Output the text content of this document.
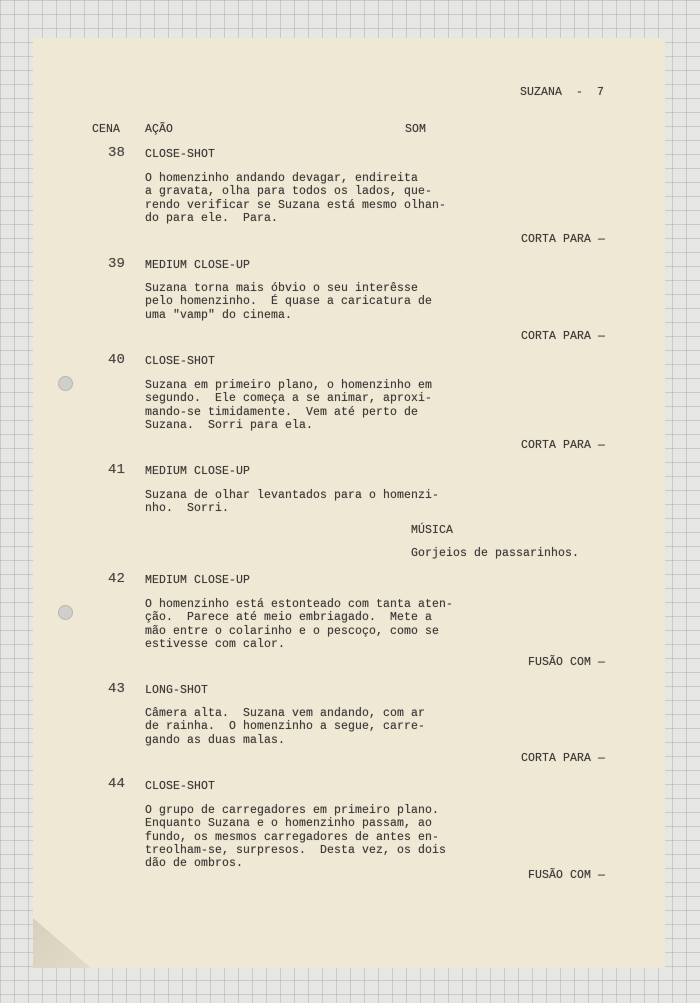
SUZANA  -  7
CENA AÇÃO	SOM
38 CLOSE-SHOT
O homenzinho andando devagar, endireita
a gravata, olha para todos os lados, que-
rendo verificar se Suzana está mesmo olhan-
do para ele.  Para.
CORTA PARA —
39 MEDIUM CLOSE-UP
Suzana torna mais óbvio o seu interêsse
pelo homenzinho.  É quase a caricatura de
uma "vamp" do cinema.
CORTA PARA —
40 CLOSE-SHOT
Suzana em primeiro plano, o homenzinho em
segundo.  Ele começa a se animar, aproxi-
mando-se timidamente.  Vem até perto de
Suzana.  Sorri para ela.
CORTA PARA —
41 MEDIUM CLOSE-UP
Suzana de olhar levantados para o homenzi-
nho.  Sorri.
MÚSICA
Gorjeios de passarinhos.
42 MEDIUM CLOSE-UP
O homenzinho está estonteado com tanta aten-
ção.  Parece até meio embriagado.  Mete a
mão entre o colarinho e o pescoço, como se
estivesse com calor.
FUSÃO COM —
43 LONG-SHOT
Câmera alta.  Suzana vem andando, com ar
de rainha.  O homenzinho a segue, carre-
gando as duas malas.
CORTA PARA —
44 CLOSE-SHOT
O grupo de carregadores em primeiro plano.
Enquanto Suzana e o homenzinho passam, ao
fundo, os mesmos carregadores de antes en-
treolham-se, surpresos.  Desta vez, os dois
dão de ombros.
FUSÃO COM —
